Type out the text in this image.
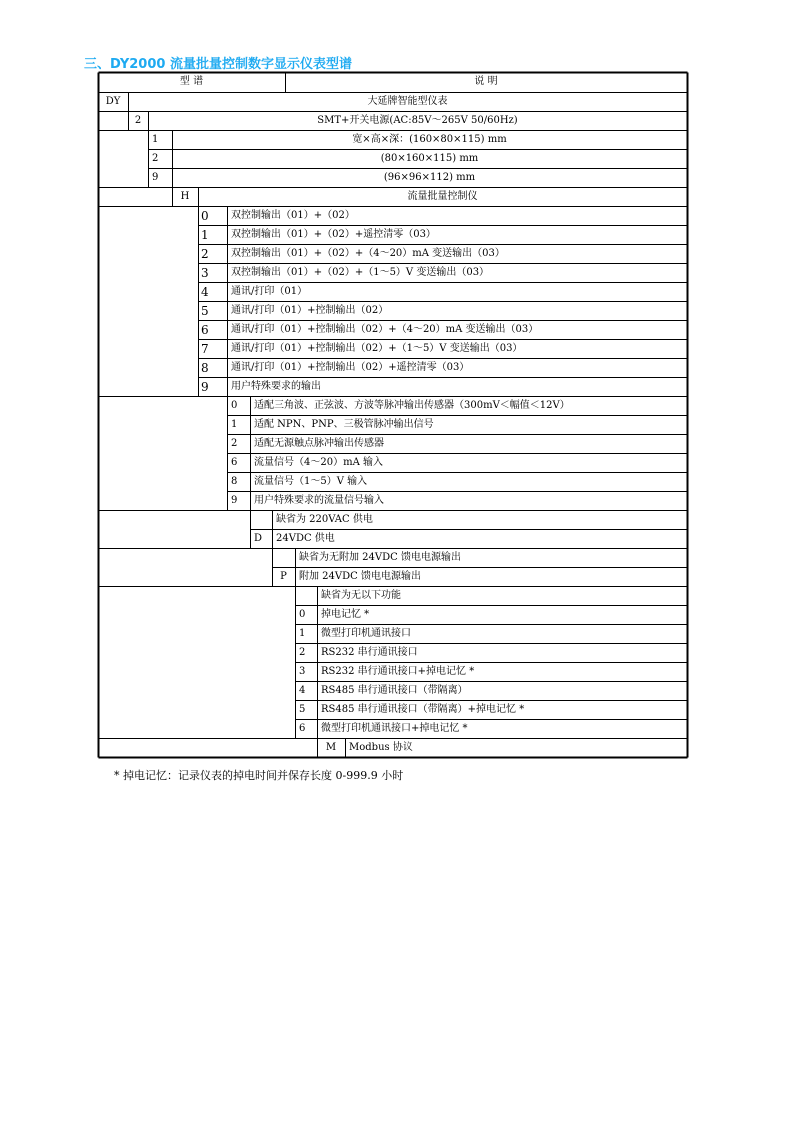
三、DY2000 流量批量控制数字显示仪表型谱
型 谱	说 明
DY	大延牌智能型仪表
2	SMT+开关电源(AC:85V～265V 50/60Hz)
1	宽×高×深：(160×80×115) mm
2	(80×160×115) mm
9	(96×96×112) mm
H	流量批量控制仪
0	双控制输出（01）+（02）
1	双控制输出（01）+（02）+遥控清零（03）
2	双控制输出（01）+（02）+（4～20）mA 变送输出（03）
3	双控制输出（01）+（02）+（1～5）V 变送输出（03）
4	通讯/打印（01）
5	通讯/打印（01）+控制输出（02）
6	通讯/打印（01）+控制输出（02）+（4～20）mA 变送输出（03）
7	通讯/打印（01）+控制输出（02）+（1～5）V 变送输出（03）
8	通讯/打印（01）+控制输出（02）+遥控清零（03）
9	用户特殊要求的输出
0	适配三角波、正弦波、方波等脉冲输出传感器（300mV＜幅值＜12V）
1	适配 NPN、PNP、三极管脉冲输出信号
2	适配无源触点脉冲输出传感器
6	流量信号（4～20）mA 输入
8	流量信号（1～5）V 输入
9	用户特殊要求的流量信号输入
缺省为 220VAC 供电
D	24VDC 供电
缺省为无附加 24VDC 馈电电源输出
P	附加 24VDC 馈电电源输出
缺省为无以下功能
0	掉电记忆 *
1	微型打印机通讯接口
2	RS232 串行通讯接口
3	RS232 串行通讯接口+掉电记忆 *
4	RS485 串行通讯接口（带隔离）
5	RS485 串行通讯接口（带隔离）+掉电记忆 *
6	微型打印机通讯接口+掉电记忆 *
M	Modbus 协议
* 掉电记忆：记录仪表的掉电时间并保存长度 0-999.9 小时
